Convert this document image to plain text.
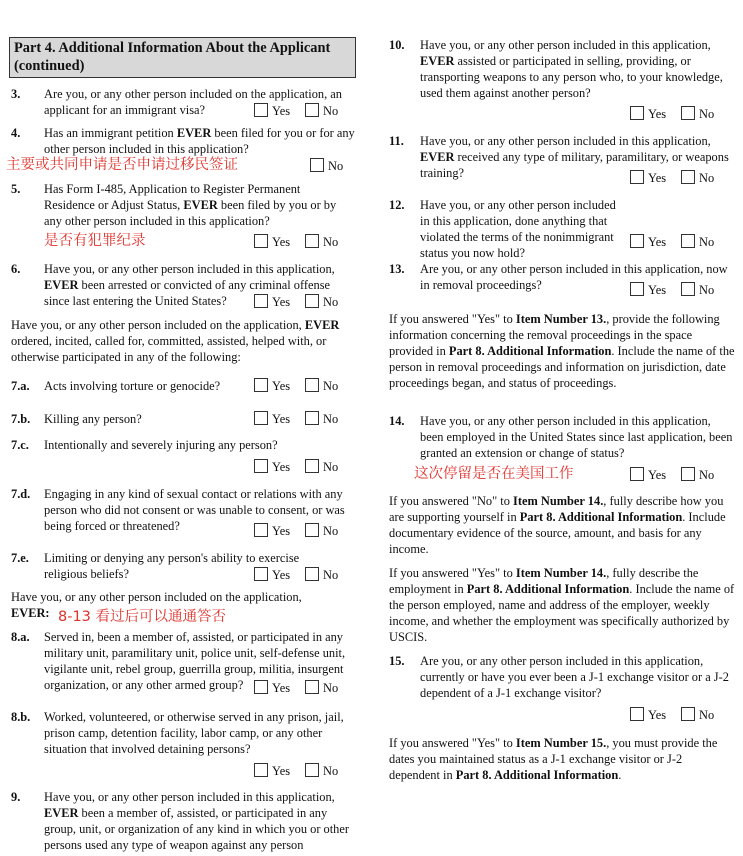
Part 4. Additional Information About the Applicant (continued)
3. Are you, or any other person included on the application, an applicant for an immigrant visa?	Yes	No
4. Has an immigrant petition EVER been filed for you or for any other person included in this application?
主要或共同申请是否申请过移民签证	No
5. Has Form I-485, Application to Register Permanent Residence or Adjust Status, EVER been filed by you or by any other person included in this application?
是否有犯罪纪录	Yes	No
6. Have you, or any other person included in this application, EVER been arrested or convicted of any criminal offense since last entering the United States?	Yes	No
Have you, or any other person included on the application, EVER ordered, incited, called for, committed, assisted, helped with, or otherwise participated in any of the following:
7.a. Acts involving torture or genocide?	Yes	No
7.b. Killing any person?	Yes	No
7.c. Intentionally and severely injuring any person?
Yes	No
7.d. Engaging in any kind of sexual contact or relations with any person who did not consent or was unable to consent, or was being forced or threatened?	Yes	No
7.e. Limiting or denying any person's ability to exercise religious beliefs?	Yes	No
Have you, or any other person included on the application,
EVER: 8-13 看过后可以通通答否
8.a. Served in, been a member of, assisted, or participated in any military unit, paramilitary unit, police unit, self-defense unit, vigilante unit, rebel group, guerrilla group, militia, insurgent organization, or any other armed group?	Yes	No
8.b. Worked, volunteered, or otherwise served in any prison, jail, prison camp, detention facility, labor camp, or any other situation that involved detaining persons?
Yes	No
9. Have you, or any other person included in this application, EVER been a member of, assisted, or participated in any group, unit, or organization of any kind in which you or other persons used any type of weapon against any person
10. Have you, or any other person included in this application, EVER assisted or participated in selling, providing, or transporting weapons to any person who, to your knowledge, used them against another person?
Yes	No
11. Have you, or any other person included in this application, EVER received any type of military, paramilitary, or weapons training?	Yes	No
12. Have you, or any other person included in this application, done anything that violated the terms of the nonimmigrant status you now hold?
Yes	No
13. Are you, or any other person included in this application, now in removal proceedings?	Yes	No
If you answered "Yes" to Item Number 13., provide the following information concerning the removal proceedings in the space provided in Part 8. Additional Information. Include the name of the person in removal proceedings and information on jurisdiction, date proceedings began, and status of proceedings.
14. Have you, or any other person included in this application, been employed in the United States since last application, been granted an extension or change of status?
这次停留是否在美国工作	Yes	No
If you answered "No" to Item Number 14., fully describe how you are supporting yourself in Part 8. Additional Information. Include documentary evidence of the source, amount, and basis for any income.
If you answered "Yes" to Item Number 14., fully describe the employment in Part 8. Additional Information. Include the name of the person employed, name and address of the employer, weekly income, and whether the employment was specifically authorized by USCIS.
15. Are you, or any other person included in this application, currently or have you ever been a J-1 exchange visitor or a J-2 dependent of a J-1 exchange visitor?
Yes	No
If you answered "Yes" to Item Number 15., you must provide the dates you maintained status as a J-1 exchange visitor or J-2 dependent in Part 8. Additional Information.
